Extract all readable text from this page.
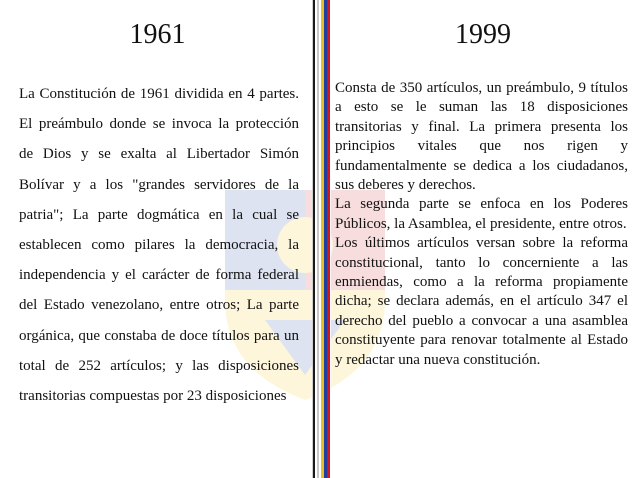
1961
La Constitución de 1961 dividida en 4 partes. El preámbulo donde se invoca la protección de Dios y se exalta al Libertador Simón Bolívar y a los "grandes servidores de la patria"; La parte dogmática en la cual se establecen como pilares la democracia, la independencia y el carácter de forma federal del Estado venezolano, entre otros; La parte orgánica, que constaba de doce títulos para un total de 252 artículos; y las disposiciones transitorias compuestas por 23 disposiciones
1999

Consta de 350 artículos, un preámbulo, 9 títulos a esto se le suman las 18 disposiciones transitorias y final. La primera presenta los principios vitales que nos rigen y fundamentalmente se dedica a los ciudadanos, sus deberes y derechos.

La segunda parte se enfoca en los Poderes Públicos, la Asamblea, el presidente, entre otros.

Los últimos artículos versan sobre la reforma constitucional, tanto lo concerniente a las enmiendas, como a la reforma propiamente dicha; se declara además, en el artículo 347 el derecho del pueblo a convocar a una asamblea constituyente para renovar totalmente al Estado y redactar una nueva constitución.
